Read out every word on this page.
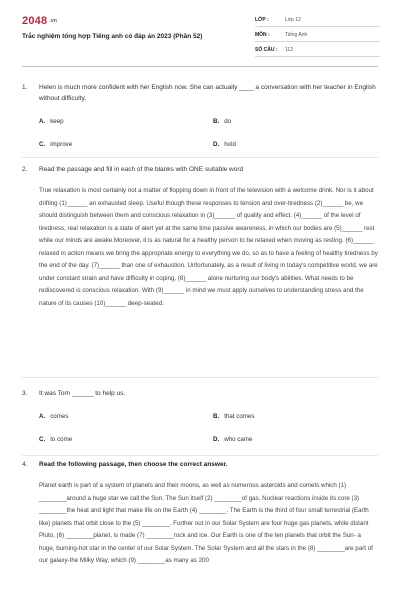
2048 .vn
Trắc nghiệm tổng hợp Tiếng anh có đáp án 2023 (Phần 52)
LỚP :	Lớp 12
MÔN :	Tiếng Anh
SỐ CÂU :	112
1.	Helen is much more confident with her English now. She can actually ____ a conversation with her teacher in English without difficulty.

A. keep	B. do
C. improve	D. hold
2.	Read the passage and fill in each of the blanks with ONE suitable word

True relaxation is most certainly not a matter of flopping down in front of the television with a welcome drink. Nor is it about drifting (1)______ an exhausted sleep. Useful though these responses to tension and over-tiredness (2)______ be, we should distinguish between them and conscious relaxation in (3)______ of quality and effect. (4)______ of the level of tiredness, real relaxation is a state of alert yet at the same time passive awareness, in which our bodies are (5)______ rest while our minds are awake.Moreover, it is as natural for a healthy person to be relaxed when moving as resting. (6)______ relaxed in action means we bring the appropriate energy to everything we do, so as to have a feeling of healthy tiredness by the end of the day. (7)______ than one of exhaustion. Unfortunately, as a result of living in today's competitive world, we are under constant strain and have difficulty in coping, (8)______ alone nurturing our body's abilities. What needs to be rediscovered is conscious relaxation. With (9)______ in mind we must apply ourselves to understanding stress and the nature of its causes (10)______ deep-seated.

3.	It was Tom ______ to help us.

A. comes	B. that comes
C. to come	D. who came
4.	Read the following passage, then choose the correct answer.

Planet earth is part of a system of planets and their moons, as well as numerous asteroids and comets which (1) ________around a huge star we call the Sun. The Sun itself (2) ________of gas. Nuclear reactions inside its core (3) ________the heat and light that make life on the Earth (4) ________. The Earth is the third of four small terrestrial (Earth like) planets that orbit close to the (5) ________. Further out in our Solar System are four huge gas planets, while distant Pluto, (6) ________planet, is made (7) ________rock and ice. Our Earth is one of the ten planets that orbit the Sun- a huge, burning-hot star in the center of our Solar System. The Solar System and all the stars in the (8) ________are part of our galaxy-the Milky Way, which (9) ________as many as 200
